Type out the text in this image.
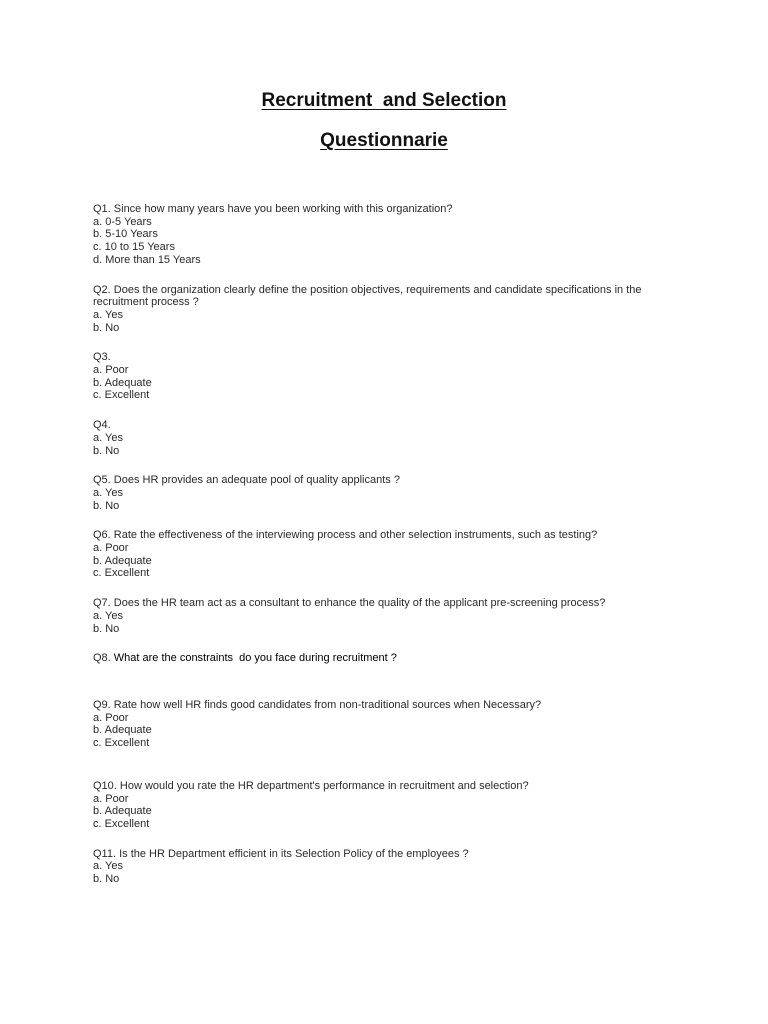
Recruitment  and Selection
Questionnarie
Q1. Since how many years have you been working with this organization?
a. 0-5 Years
b. 5-10 Years
c. 10 to 15 Years
d. More than 15 Years
Q2. Does the organization clearly define the position objectives, requirements and candidate specifications in the recruitment process ?
a. Yes
b. No
Q3.
a. Poor
b. Adequate
c. Excellent
Q4.
a. Yes
b. No
Q5. Does HR provides an adequate pool of quality applicants ?
a. Yes
b. No
Q6. Rate the effectiveness of the interviewing process and other selection instruments, such as testing?
a. Poor
b. Adequate
c. Excellent
Q7. Does the HR team act as a consultant to enhance the quality of the applicant pre-screening process?
a. Yes
b. No
Q8. What are the constraints  do you face during recruitment ?
Q9. Rate how well HR finds good candidates from non-traditional sources when Necessary?
a. Poor
b. Adequate
c. Excellent
Q10. How would you rate the HR department's performance in recruitment and selection?
a. Poor
b. Adequate
c. Excellent
Q11. Is the HR Department efficient in its Selection Policy of the employees ?
a. Yes
b. No
